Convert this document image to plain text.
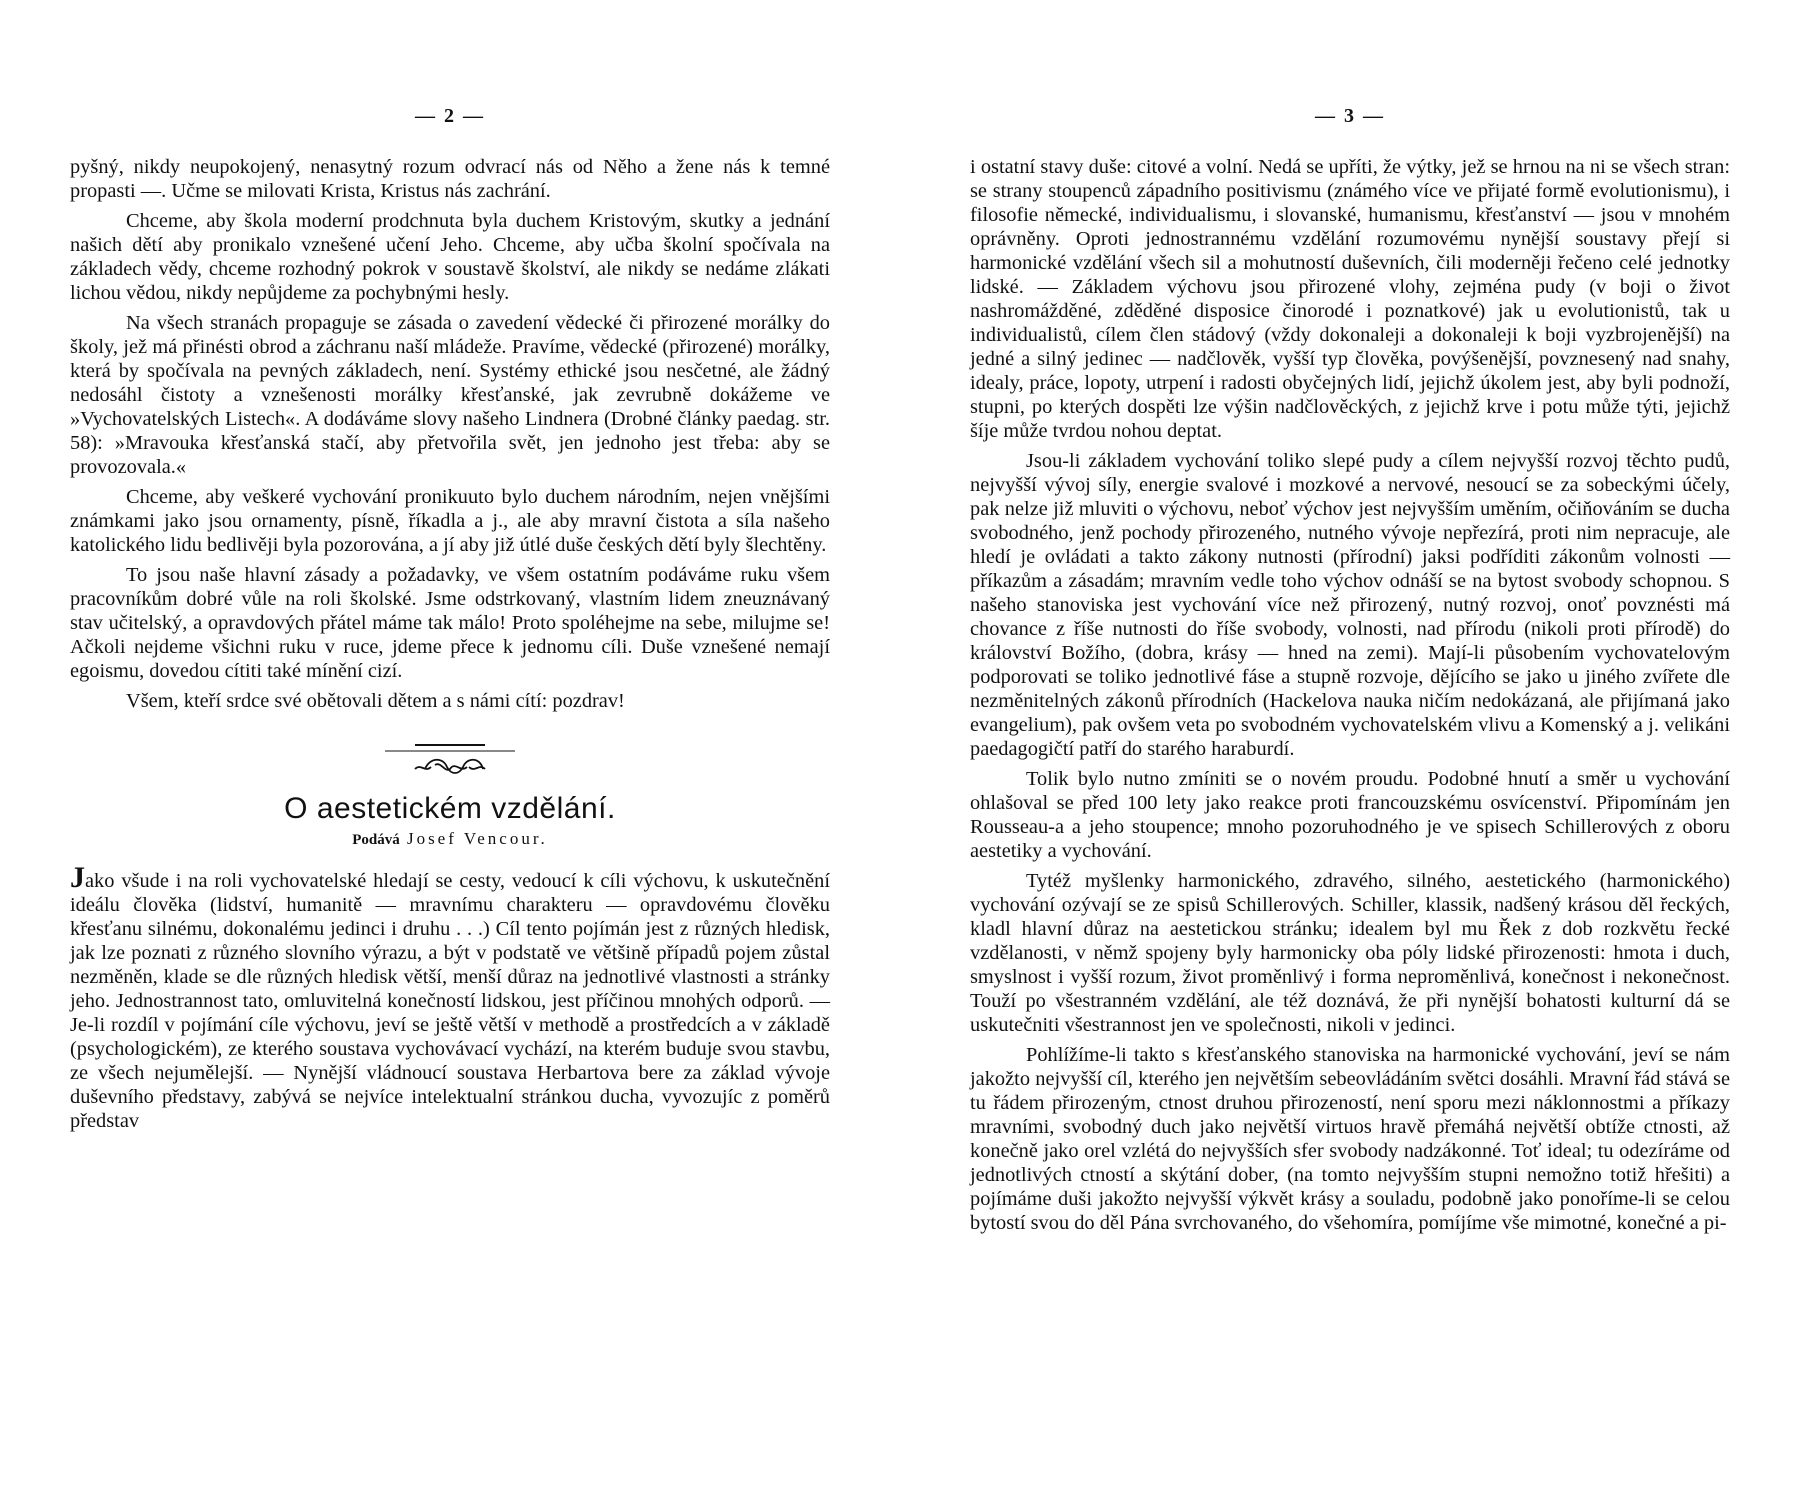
— 2 —

pyšný, nikdy neupokojený, nenasytný rozum odvrací nás od Něho a žene nás k temné propasti —. Učme se milovati Krista, Kristus nás zachrání.

Chceme, aby škola moderní prodchnuta byla duchem Kristovým, skutky a jednání našich dětí aby pronikalo vznešené učení Jeho. Chceme, aby učba školní spočívala na základech vědy, chceme rozhodný pokrok v soustavě školství, ale nikdy se nedáme zlákati lichou vědou, nikdy nepůjdeme za pochybnými hesly.

Na všech stranách propaguje se zásada o zavedení vědecké či přirozené morálky do školy, jež má přinésti obrod a záchranu naší mládeže. Pravíme, vědecké (přirozené) morálky, která by spočívala na pevných základech, není. Systémy ethické jsou nesčetné, ale žádný nedosáhl čistoty a vznešenosti morálky křesťanské, jak zevrubně dokážeme ve »Vychovatelských Listech«. A dodáváme slovy našeho Lindnera (Drobné články paedag. str. 58): »Mravouka křesťanská stačí, aby přetvořila svět, jen jednoho jest třeba: aby se provozovala.«

Chceme, aby veškeré vychování pronikuuto bylo duchem národním, nejen vnějšími známkami jako jsou ornamenty, písně, říkadla a j., ale aby mravní čistota a síla našeho katolického lidu bedlivěji byla pozorována, a jí aby již útlé duše českých dětí byly šlechtěny.

To jsou naše hlavní zásady a požadavky, ve všem ostatním podáváme ruku všem pracovníkům dobré vůle na roli školské. Jsme odstrkovaný, vlastním lidem zneuznávaný stav učitelský, a opravdových přátel máme tak málo! Proto spoléhejme na sebe, milujme se! Ačkoli nejdeme všichni ruku v ruce, jdeme přece k jednomu cíli. Duše vznešené nemají egoismu, dovedou cítiti také mínění cizí.

Všem, kteří srdce své obětovali dětem a s námi cítí: pozdrav!

O aestetickém vzdělání.
Podává Josef Vencour.

Jako všude i na roli vychovatelské hledají se cesty, vedoucí k cíli výchovu, k uskutečnění ideálu člověka (lidství, humanitě — mravnímu charakteru — opravdovému člověku křesťanu silnému, dokonalému jedinci i druhu . . .) Cíl tento pojímán jest z různých hledisk, jak lze poznati z různého slovního výrazu, a být v podstatě ve většině případů pojem zůstal nezměněn, klade se dle různých hledisk větší, menší důraz na jednotlivé vlastnosti a stránky jeho. Jednostrannost tato, omluvitelná konečností lidskou, jest příčinou mnohých odporů. — Je-li rozdíl v pojímání cíle výchovu, jeví se ještě větší v methodě a prostředcích a v základě (psychologickém), ze kterého soustava vychovávací vychází, na kterém buduje svou stavbu, ze všech nejumělejší. — Nynější vládnoucí soustava Herbartova bere za základ vývoje duševního představy, zabývá se nejvíce intelektualní stránkou ducha, vyvozujíc z poměrů představ

— 3 —

i ostatní stavy duše: citové a volní. Nedá se upříti, že výtky, jež se hrnou na ni se všech stran: se strany stoupenců západního positivismu (známého více ve přijaté formě evolutionismu), i filosofie německé, individualismu, i slovanské, humanismu, křesťanství — jsou v mnohém oprávněny. Oproti jednostrannému vzdělání rozumovému nynější soustavy přejí si harmonické vzdělání všech sil a mohutností duševních, čili moderněji řečeno celé jednotky lidské. — Základem výchovu jsou přirozené vlohy, zejména pudy (v boji o život nashromážděné, zděděné disposice činorodé i poznatkové) jak u evolutionistů, tak u individualistů, cílem člen stádový (vždy dokonaleji a dokonaleji k boji vyzbrojenější) na jedné a silný jedinec — nadčlověk, vyšší typ člověka, povýšenější, povznesený nad snahy, idealy, práce, lopoty, utrpení i radosti obyčejných lidí, jejichž úkolem jest, aby byli podnoží, stupni, po kterých dospěti lze výšin nadčlověckých, z jejichž krve i potu může týti, jejichž šíje může tvrdou nohou deptat.

Jsou-li základem vychování toliko slepé pudy a cílem nejvyšší rozvoj těchto pudů, nejvyšší vývoj síly, energie svalové i mozkové a nervové, nesoucí se za sobeckými účely, pak nelze již mluviti o výchovu, neboť výchov jest nejvyšším uměním, očiňováním se ducha svobodného, jenž pochody přirozeného, nutného vývoje nepřezírá, proti nim nepracuje, ale hledí je ovládati a takto zákony nutnosti (přírodní) jaksi podříditi zákonům volnosti — příkazům a zásadám; mravním vedle toho výchov odnáší se na bytost svobody schopnou. S našeho stanoviska jest vychování více než přirozený, nutný rozvoj, onoť povznésti má chovance z říše nutnosti do říše svobody, volnosti, nad přírodu (nikoli proti přírodě) do království Božího, (dobra, krásy — hned na zemi). Mají-li působením vychovatelovým podporovati se toliko jednotlivé fáse a stupně rozvoje, dějícího se jako u jiného zvířete dle nezměnitelných zákonů přírodních (Hackelova nauka ničím nedokázaná, ale přijímaná jako evangelium), pak ovšem veta po svobodném vychovatelském vlivu a Komenský a j. velikáni paedagogičtí patří do starého haraburdí.

Tolik bylo nutno zmíniti se o novém proudu. Podobné hnutí a směr u vychování ohlašoval se před 100 lety jako reakce proti francouzskému osvícenství. Připomínám jen Rousseau-a a jeho stoupence; mnoho pozoruhodného je ve spisech Schillerových z oboru aestetiky a vychování.

Tytéž myšlenky harmonického, zdravého, silného, aestetického (harmonického) vychování ozývají se ze spisů Schillerových. Schiller, klassik, nadšený krásou děl řeckých, kladl hlavní důraz na aestetickou stránku; idealem byl mu Řek z dob rozkvětu řecké vzdělanosti, v němž spojeny byly harmonicky oba póly lidské přirozenosti: hmota i duch, smyslnost i vyšší rozum, život proměnlivý i forma neproměnlivá, konečnost i nekonečnost. Touží po všestranném vzdělání, ale též doznává, že při nynější bohatosti kulturní dá se uskutečniti všestrannost jen ve společnosti, nikoli v jedinci.

Pohlížíme-li takto s křesťanského stanoviska na harmonické vychování, jeví se nám jakožto nejvyšší cíl, kterého jen největším sebeovládáním světci dosáhli. Mravní řád stává se tu řádem přirozeným, ctnost druhou přirozeností, není sporu mezi náklonnostmi a příkazy mravními, svobodný duch jako největší virtuos hravě přemáhá největší obtíže ctnosti, až konečně jako orel vzlétá do nejvyšších sfer svobody nadzákonné. Toť ideal; tu odezíráme od jednotlivých ctností a skýtání dober, (na tomto nejvyšším stupni nemožno totiž hřešiti) a pojímáme duši jakožto nejvyšší výkvět krásy a souladu, podobně jako ponoříme-li se celou bytostí svou do děl Pána svrchovaného, do všehomíra, pomíjíme vše mimotné, konečné a pi-
